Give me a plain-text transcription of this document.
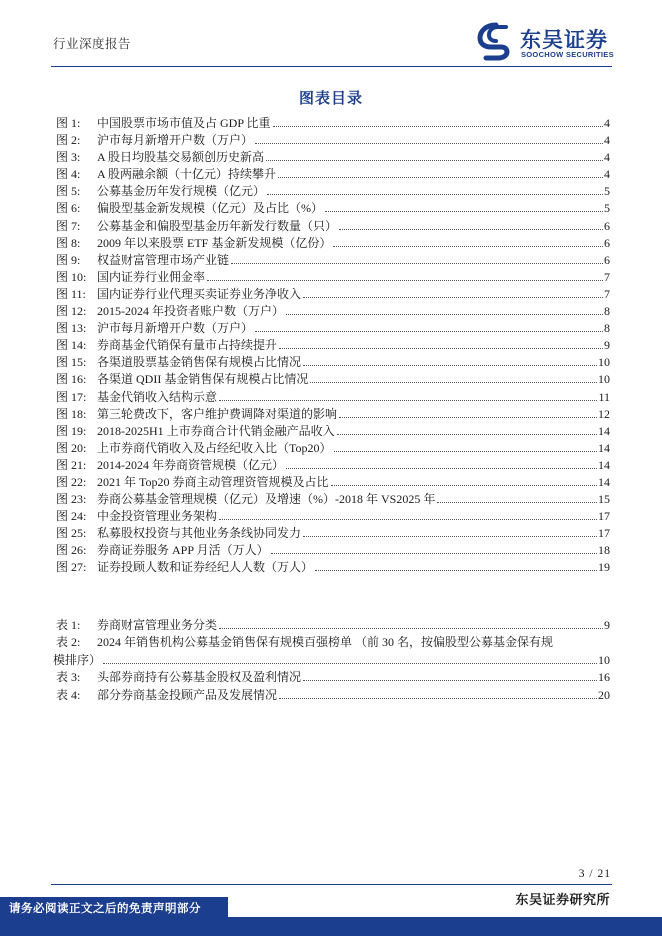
行业深度报告	东吴证券
SOOCHOW SECURITIES
图表目录
图 1:	中国股票市场市值及占 GDP 比重	4
图 2:	沪市每月新增开户数（万户）	4
图 3:	A 股日均股基交易额创历史新高	4
图 4:	A 股两融余额（十亿元）持续攀升	4
图 5:	公募基金历年发行规模（亿元）	5
图 6:	偏股型基金新发规模（亿元）及占比（%）	5
图 7:	公募基金和偏股型基金历年新发行数量（只）	6
图 8:	2009 年以来股票 ETF 基金新发规模（亿份）	6
图 9:	权益财富管理市场产业链	6
图 10: 国内证券行业佣金率	7
图 11: 国内证券行业代理买卖证券业务净收入	7
图 12: 2015-2024 年投资者账户数（万户）	8
图 13: 沪市每月新增开户数（万户）	8
图 14: 券商基金代销保有量市占持续提升	9
图 15: 各渠道股票基金销售保有规模占比情况	10
图 16: 各渠道 QDII 基金销售保有规模占比情况	10
图 17: 基金代销收入结构示意	11
图 18: 第三轮费改下，客户维护费调降对渠道的影响	12
图 19: 2018-2025H1 上市券商合计代销金融产品收入	14
图 20: 上市券商代销收入及占经纪收入比（Top20）	14
图 21: 2014-2024 年券商资管规模（亿元）	14
图 22: 2021 年 Top20 券商主动管理资管规模及占比	14
图 23: 券商公募基金管理规模（亿元）及增速（%）-2018 年 VS2025 年	15
图 24: 中金投资管理业务架构	17
图 25: 私募股权投资与其他业务条线协同发力	17
图 26: 券商证券服务 APP 月活（万人）	18
图 27: 证券投顾人数和证券经纪人人数（万人）	19
表 1:	券商财富管理业务分类	9
表 2:	2024 年销售机构公募基金销售保有规模百强榜单 （前 30 名，按偏股型公募基金保有规
模排序）	10
表 3:	头部券商持有公募基金股权及盈利情况	16
表 4:	部分券商基金投顾产品及发展情况	20
3 / 21
东吴证券研究所
请务必阅读正文之后的免责声明部分
